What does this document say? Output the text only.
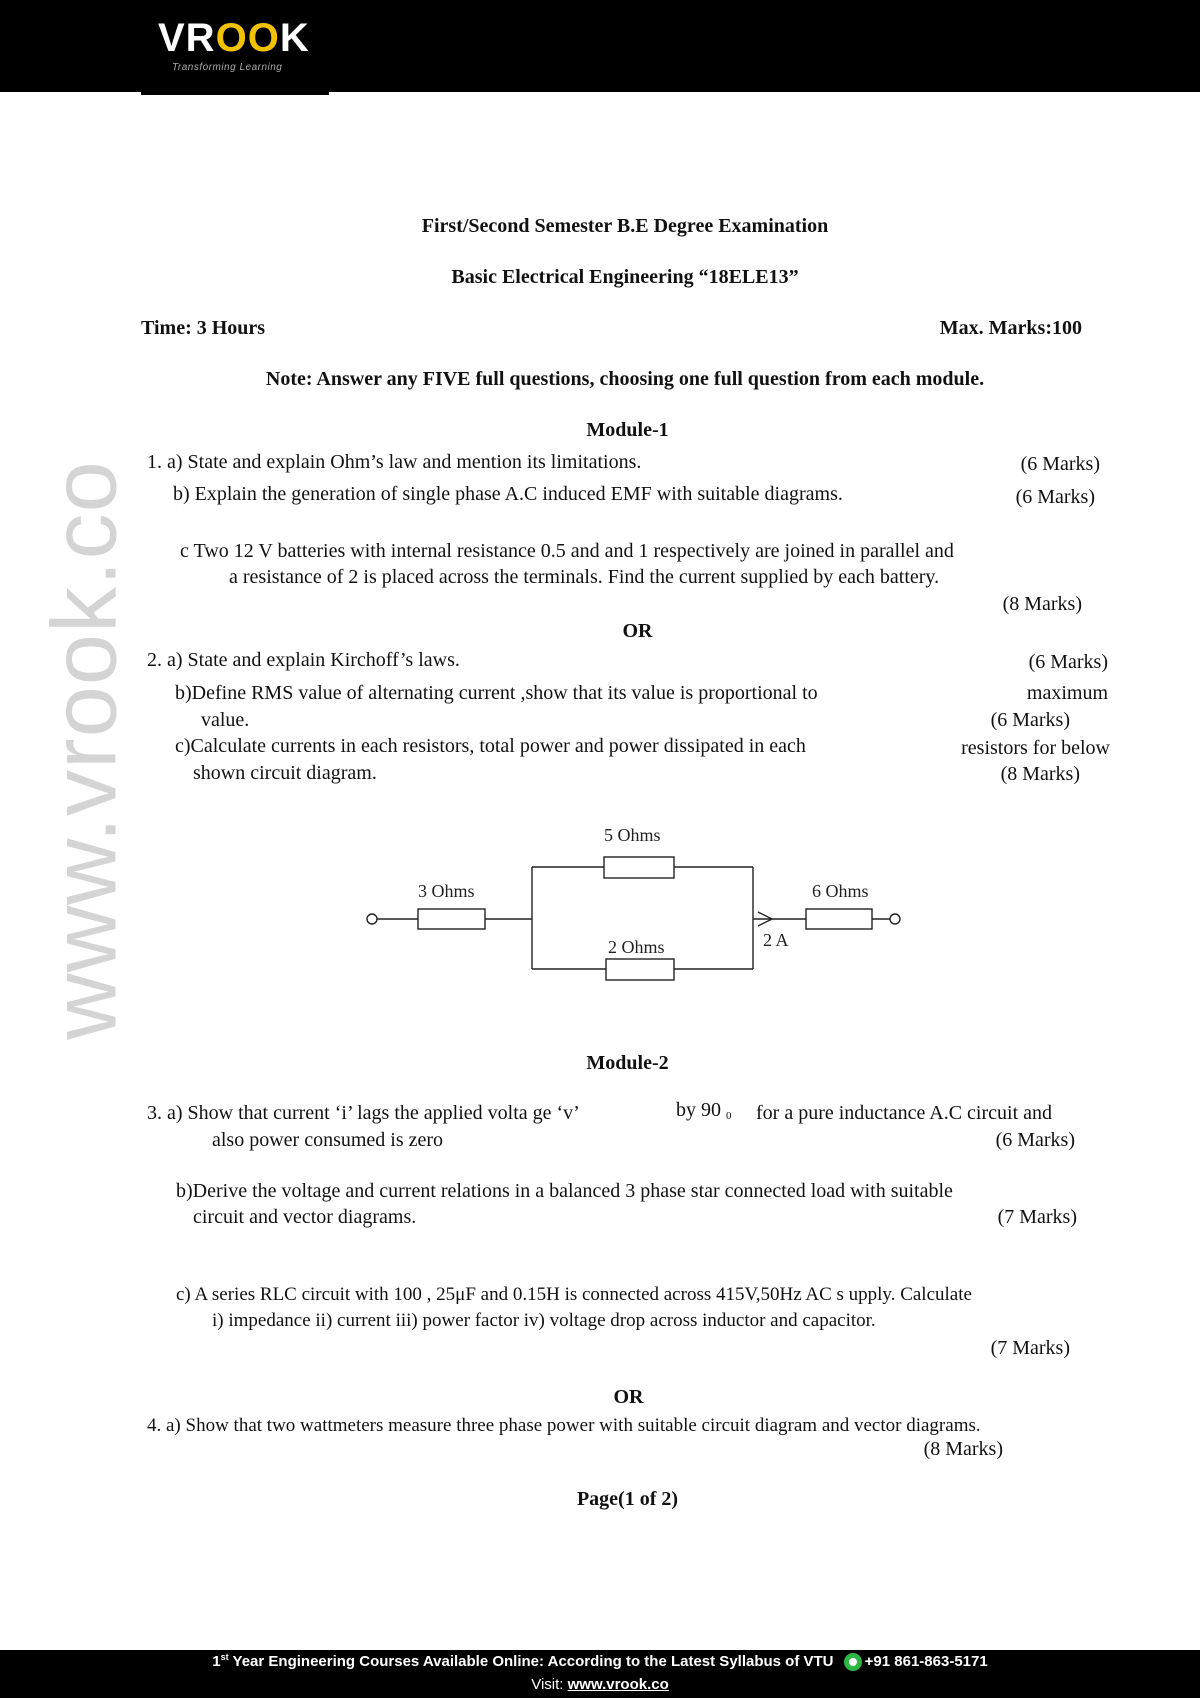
VROOK
Transforming Learning
www.vrook.co
First/Second Semester B.E Degree Examination
Basic Electrical Engineering “18ELE13”
Time: 3 Hours	Max. Marks:100
Note: Answer any FIVE full questions, choosing one full question from each module.
Module-1
1. a) State and explain Ohm’s law and mention its limitations.	(6 Marks)
b) Explain the generation of single phase A.C induced EMF with suitable diagrams.	(6 Marks)
c Two 12 V batteries with internal resistance 0.5 and and 1 respectively are joined in parallel and
a resistance of 2 is placed across the terminals. Find the current supplied by each battery.
(8 Marks)
OR
2. a) State and explain Kirchoff’s laws.	(6 Marks)
b)Define RMS value of alternating current ,show that its value is proportional to	maximum
value.	(6 Marks)
c)Calculate currents in each resistors, total power and power dissipated in each	resistors for below
shown circuit diagram.	(8 Marks)
5 Ohms
3 Ohms	6 Ohms
2 Ohms	2 A
Module-2
3. a) Show that current ‘i’ lags the applied volta ge ‘v’	by 90 0 for a pure inductance A.C circuit and
also power consumed is zero	(6 Marks)
b)Derive the voltage and current relations in a balanced 3 phase star connected load with suitable
circuit and vector diagrams.	(7 Marks)
c) A series RLC circuit with 100 , 25μF and 0.15H is connected across 415V,50Hz AC s upply. Calculate
i) impedance ii) current iii) power factor iv) voltage drop across inductor and capacitor.
(7 Marks)
OR
4. a) Show that two wattmeters measure three phase power with suitable circuit diagram and vector diagrams.
(8 Marks)
Page(1 of 2)
1st Year Engineering Courses Available Online: According to the Latest Syllabus of VTU +91 861-863-5171
Visit: www.vrook.co
